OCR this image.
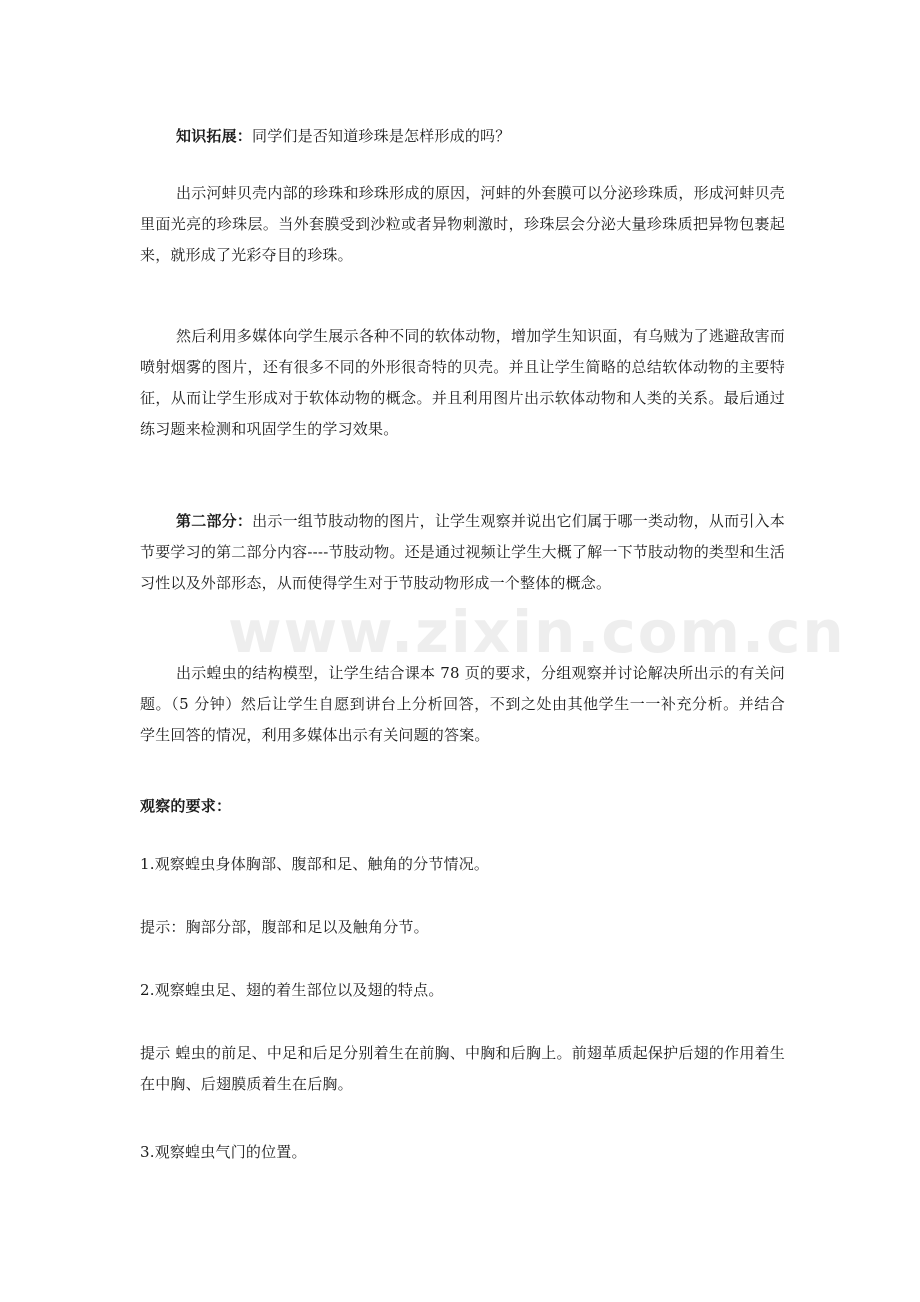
www.zixin.com.cn

知识拓展：同学们是否知道珍珠是怎样形成的吗？

出示河蚌贝壳内部的珍珠和珍珠形成的原因，河蚌的外套膜可以分泌珍珠质，形成河蚌贝壳里面光亮的珍珠层。当外套膜受到沙粒或者异物刺激时，珍珠层会分泌大量珍珠质把异物包裹起来，就形成了光彩夺目的珍珠。

然后利用多媒体向学生展示各种不同的软体动物，增加学生知识面，有乌贼为了逃避敌害而喷射烟雾的图片，还有很多不同的外形很奇特的贝壳。并且让学生简略的总结软体动物的主要特征，从而让学生形成对于软体动物的概念。并且利用图片出示软体动物和人类的关系。最后通过练习题来检测和巩固学生的学习效果。

第二部分：出示一组节肢动物的图片，让学生观察并说出它们属于哪一类动物，从而引入本节要学习的第二部分内容----节肢动物。还是通过视频让学生大概了解一下节肢动物的类型和生活习性以及外部形态，从而使得学生对于节肢动物形成一个整体的概念。

出示蝗虫的结构模型，让学生结合课本 78 页的要求，分组观察并讨论解决所出示的有关问题。（5 分钟）然后让学生自愿到讲台上分析回答，不到之处由其他学生一一补充分析。并结合学生回答的情况，利用多媒体出示有关问题的答案。

观察的要求：

1.观察蝗虫身体胸部、腹部和足、触角的分节情况。

提示：胸部分部，腹部和足以及触角分节。

2.观察蝗虫足、翅的着生部位以及翅的特点。

提示 蝗虫的前足、中足和后足分别着生在前胸、中胸和后胸上。前翅革质起保护后翅的作用着生在中胸、后翅膜质着生在后胸。

3.观察蝗虫气门的位置。
